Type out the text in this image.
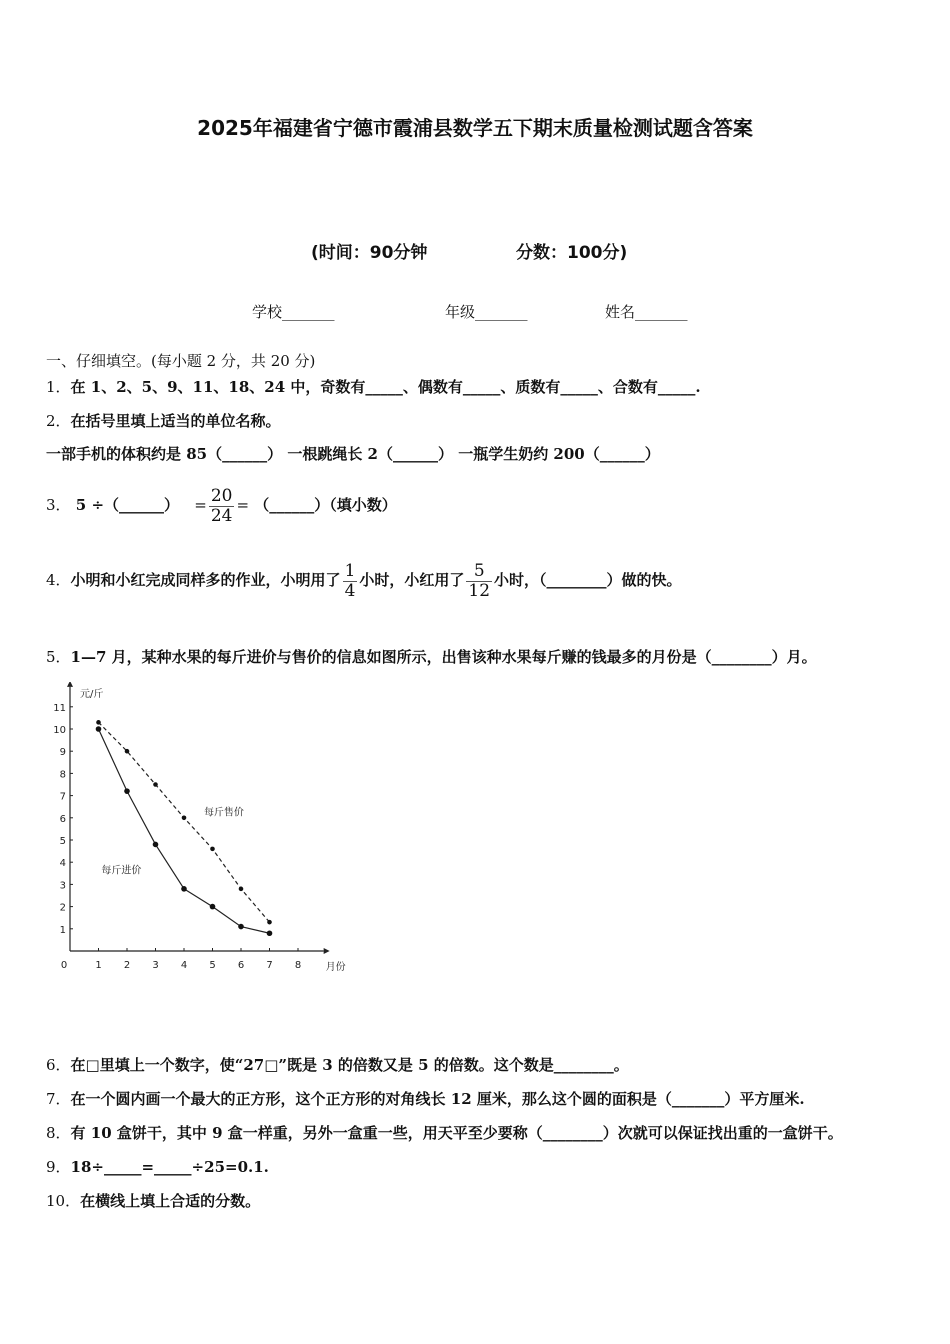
2025年福建省宁德市霞浦县数学五下期末质量检测试题含答案
(时间：90分钟	分数：100分)
学校_______	年级_______	姓名_______
一、仔细填空。(每小题 2 分，共 20 分)
1．在 1、2、5、9、11、18、24 中，奇数有_____、偶数有_____、质数有_____、合数有_____.
2．在括号里填上适当的单位名称。
一部手机的体积约是 85（______） 一根跳绳长 2（______） 一瓶学生奶约 200（______）
3． 5 ÷（______） = $\frac{20}{24}$ = （______）（填小数）
4．小明和小红完成同样多的作业，小明用了 $\frac{1}{4}$ 小时，小红用了 $\frac{5}{12}$ 小时，（________）做的快。
5．1—7 月，某种水果的每斤进价与售价的信息如图所示，出售该种水果每斤赚的钱最多的月份是（________）月。
1 2 3 4 5 6 7 8
1
2
3
4
5
6
7
8
9
10
11
元/斤
月份
0
每斤售价
每斤进价
6．在□里填上一个数字，使“27□”既是 3 的倍数又是 5 的倍数。这个数是________。
7．在一个圆内画一个最大的正方形，这个正方形的对角线长 12 厘米，那么这个圆的面积是（_______）平方厘米.
8．有 10 盒饼干，其中 9 盒一样重，另外一盒重一些，用天平至少要称（________）次就可以保证找出重的一盒饼干。
9．18÷_____=_____÷25=0.1.
10．在横线上填上合适的分数。
